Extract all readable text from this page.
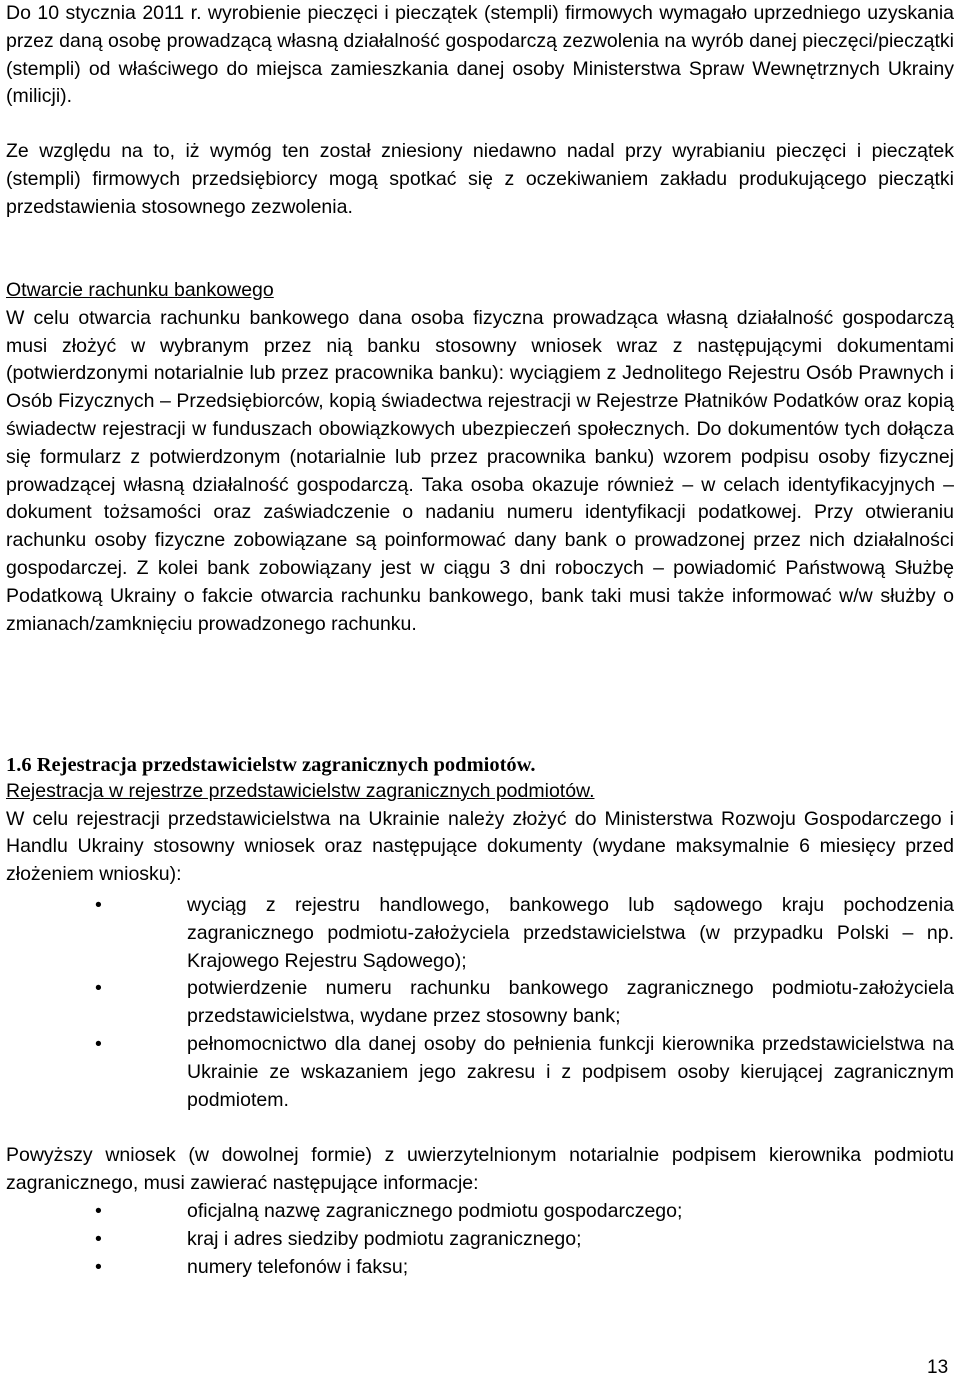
Do 10 stycznia 2011 r. wyrobienie pieczęci i pieczątek (stempli) firmowych wymagało uprzedniego uzyskania przez daną osobę prowadzącą własną działalność gospodarczą zezwolenia na wyrób danej pieczęci/pieczątki (stempli) od właściwego do miejsca zamieszkania danej osoby Ministerstwa Spraw Wewnętrznych Ukrainy (milicji).

Ze względu na to, iż wymóg ten został zniesiony niedawno nadal przy wyrabianiu pieczęci i pieczątek (stempli) firmowych przedsiębiorcy mogą spotkać się z oczekiwaniem zakładu produkującego pieczątki przedstawienia stosownego zezwolenia.

Otwarcie rachunku bankowego

W celu otwarcia rachunku bankowego dana osoba fizyczna prowadząca własną działalność gospodarczą musi złożyć w wybranym przez nią banku stosowny wniosek wraz z następującymi dokumentami (potwierdzonymi notarialnie lub przez pracownika banku): wyciągiem z Jednolitego Rejestru Osób Prawnych i Osób Fizycznych – Przedsiębiorców, kopią świadectwa rejestracji w Rejestrze Płatników Podatków oraz kopią świadectw rejestracji w funduszach obowiązkowych ubezpieczeń społecznych. Do dokumentów tych dołącza się formularz z potwierdzonym (notarialnie lub przez pracownika banku) wzorem podpisu osoby fizycznej prowadzącej własną działalność gospodarczą. Taka osoba okazuje również – w celach identyfikacyjnych – dokument tożsamości oraz zaświadczenie o nadaniu numeru identyfikacji podatkowej. Przy otwieraniu rachunku osoby fizyczne zobowiązane są poinformować dany bank o prowadzonej przez nich działalności gospodarczej. Z kolei bank zobowiązany jest w ciągu 3 dni roboczych – powiadomić Państwową Służbę Podatkową Ukrainy o fakcie otwarcia rachunku bankowego, bank taki musi także informować w/w służby o zmianach/zamknięciu prowadzonego rachunku.

1.6 Rejestracja przedstawicielstw zagranicznych podmiotów.

Rejestracja w rejestrze przedstawicielstw zagranicznych podmiotów.

W celu rejestracji przedstawicielstwa na Ukrainie należy złożyć do Ministerstwa Rozwoju Gospodarczego i Handlu Ukrainy stosowny wniosek oraz następujące dokumenty (wydane maksymalnie 6 miesięcy przed złożeniem wniosku):

•	wyciąg z rejestru handlowego, bankowego lub sądowego kraju pochodzenia zagranicznego podmiotu-założyciela przedstawicielstwa (w przypadku Polski – np. Krajowego Rejestru Sądowego);
•	potwierdzenie numeru rachunku bankowego zagranicznego podmiotu-założyciela przedstawicielstwa, wydane przez stosowny bank;
•	pełnomocnictwo dla danej osoby do pełnienia funkcji kierownika przedstawicielstwa na Ukrainie ze wskazaniem jego zakresu i z podpisem osoby kierującej zagranicznym podmiotem.

Powyższy wniosek (w dowolnej formie) z uwierzytelnionym notarialnie podpisem kierownika podmiotu zagranicznego, musi zawierać następujące informacje:

•	oficjalną nazwę zagranicznego podmiotu gospodarczego;
•	kraj i adres siedziby podmiotu zagranicznego;
•	numery telefonów i faksu;
13
